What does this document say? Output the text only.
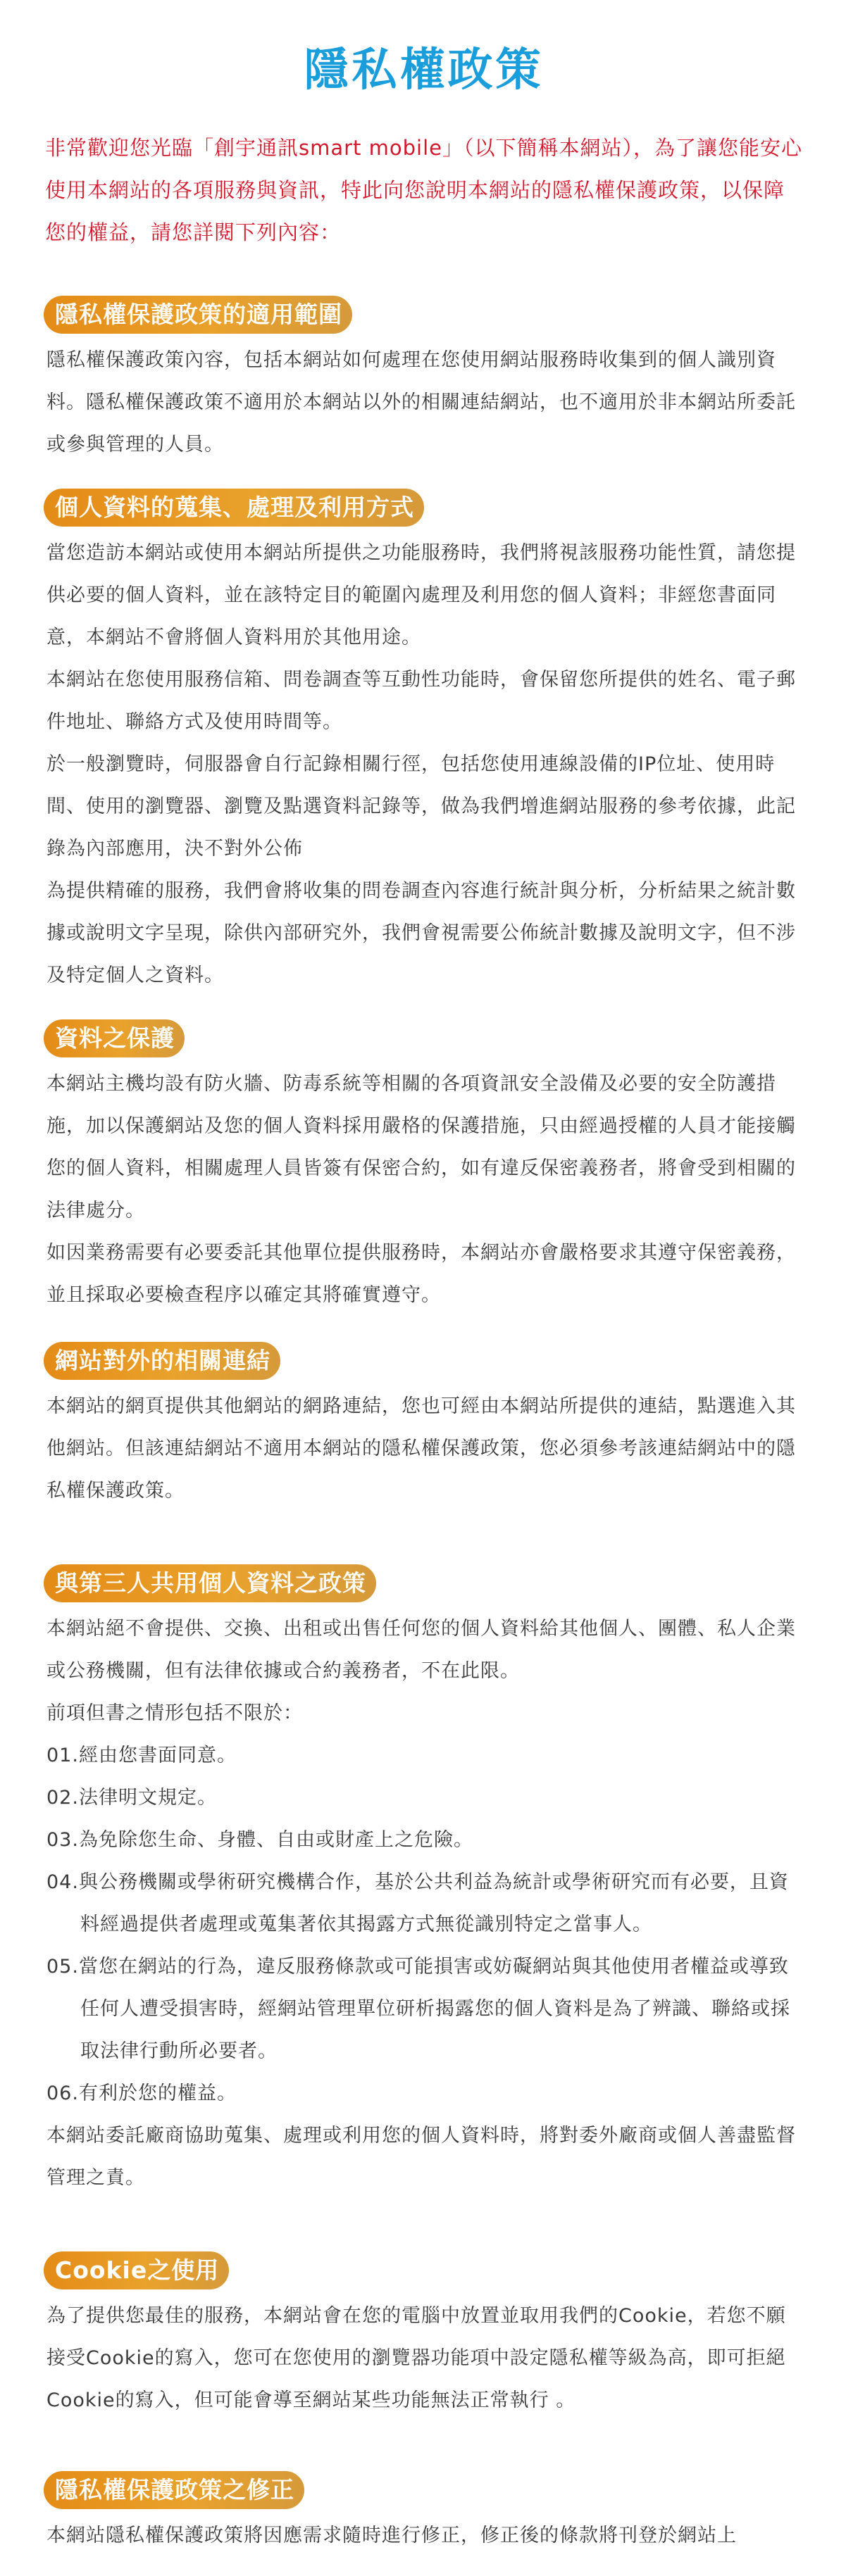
隱私權政策

非常歡迎您光臨「創宇通訊smart mobile」（以下簡稱本網站），為了讓您能安心使用本網站的各項服務與資訊，特此向您說明本網站的隱私權保護政策，以保障您的權益，請您詳閱下列內容：

隱私權保護政策的適用範圍

隱私權保護政策內容，包括本網站如何處理在您使用網站服務時收集到的個人識別資料。隱私權保護政策不適用於本網站以外的相關連結網站，也不適用於非本網站所委託或參與管理的人員。

個人資料的蒐集、處理及利用方式

當您造訪本網站或使用本網站所提供之功能服務時，我們將視該服務功能性質，請您提供必要的個人資料，並在該特定目的範圍內處理及利用您的個人資料；非經您書面同意，本網站不會將個人資料用於其他用途。

本網站在您使用服務信箱、問卷調查等互動性功能時，會保留您所提供的姓名、電子郵件地址、聯絡方式及使用時間等。

於一般瀏覽時，伺服器會自行記錄相關行徑，包括您使用連線設備的IP位址、使用時間、使用的瀏覽器、瀏覽及點選資料記錄等，做為我們增進網站服務的參考依據，此記錄為內部應用，決不對外公佈

為提供精確的服務，我們會將收集的問卷調查內容進行統計與分析，分析結果之統計數據或說明文字呈現，除供內部研究外，我們會視需要公佈統計數據及說明文字，但不涉及特定個人之資料。

資料之保護

本網站主機均設有防火牆、防毒系統等相關的各項資訊安全設備及必要的安全防護措施，加以保護網站及您的個人資料採用嚴格的保護措施，只由經過授權的人員才能接觸您的個人資料，相關處理人員皆簽有保密合約，如有違反保密義務者，將會受到相關的法律處分。

如因業務需要有必要委託其他單位提供服務時，本網站亦會嚴格要求其遵守保密義務，並且採取必要檢查程序以確定其將確實遵守。

網站對外的相關連結

本網站的網頁提供其他網站的網路連結，您也可經由本網站所提供的連結，點選進入其他網站。但該連結網站不適用本網站的隱私權保護政策，您必須參考該連結網站中的隱私權保護政策。

與第三人共用個人資料之政策

本網站絕不會提供、交換、出租或出售任何您的個人資料給其他個人、團體、私人企業或公務機關，但有法律依據或合約義務者，不在此限。

前項但書之情形包括不限於：

01.經由您書面同意。

02.法律明文規定。

03.為免除您生命、身體、自由或財產上之危險。

04.與公務機關或學術研究機構合作，基於公共利益為統計或學術研究而有必要，且資料經過提供者處理或蒐集著依其揭露方式無從識別特定之當事人。

05.當您在網站的行為，違反服務條款或可能損害或妨礙網站與其他使用者權益或導致任何人遭受損害時，經網站管理單位研析揭露您的個人資料是為了辨識、聯絡或採取法律行動所必要者。

06.有利於您的權益。

本網站委託廠商協助蒐集、處理或利用您的個人資料時，將對委外廠商或個人善盡監督管理之責。

Cookie之使用

為了提供您最佳的服務，本網站會在您的電腦中放置並取用我們的Cookie，若您不願接受Cookie的寫入，您可在您使用的瀏覽器功能項中設定隱私權等級為高，即可拒絕Cookie的寫入，但可能會導至網站某些功能無法正常執行 。

隱私權保護政策之修正

本網站隱私權保護政策將因應需求隨時進行修正，修正後的條款將刊登於網站上
